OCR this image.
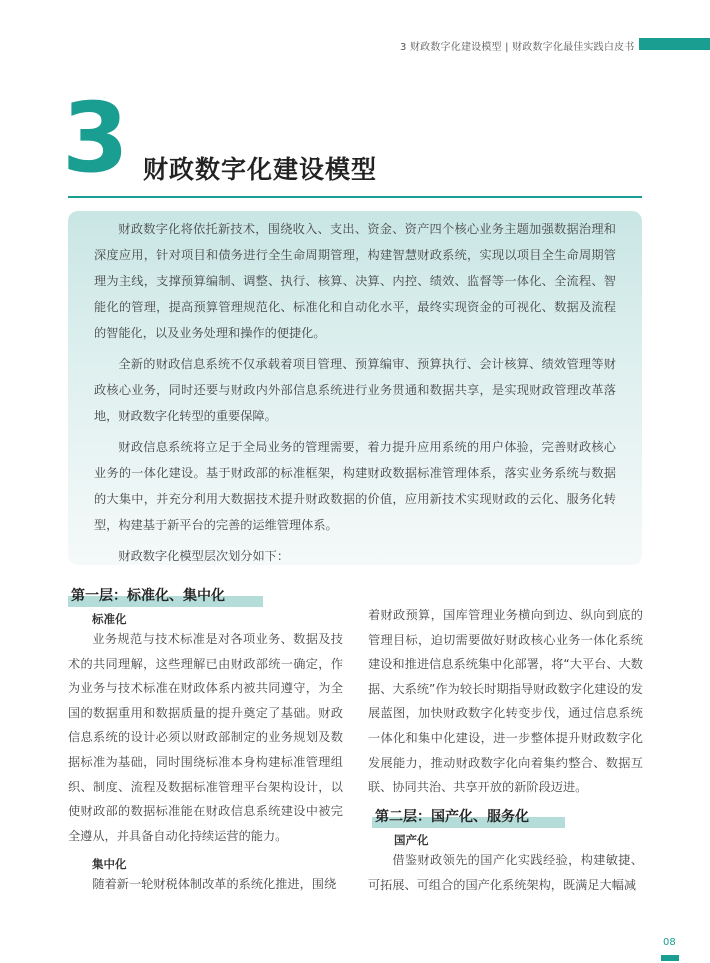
3 财政数字化建设模型 | 财政数字化最佳实践白皮书
3 财政数字化建设模型

财政数字化将依托新技术，围绕收入、支出、资金、资产四个核心业务主题加强数据治理和深度应用，针对项目和债务进行全生命周期管理，构建智慧财政系统，实现以项目全生命周期管理为主线，支撑预算编制、调整、执行、核算、决算、内控、绩效、监督等一体化、全流程、智能化的管理，提高预算管理规范化、标准化和自动化水平，最终实现资金的可视化、数据及流程的智能化，以及业务处理和操作的便捷化。

全新的财政信息系统不仅承载着项目管理、预算编审、预算执行、会计核算、绩效管理等财政核心业务，同时还要与财政内外部信息系统进行业务贯通和数据共享，是实现财政管理改革落地，财政数字化转型的重要保障。

财政信息系统将立足于全局业务的管理需要，着力提升应用系统的用户体验，完善财政核心业务的一体化建设。基于财政部的标准框架，构建财政数据标准管理体系，落实业务系统与数据的大集中，并充分利用大数据技术提升财政数据的价值，应用新技术实现财政的云化、服务化转型，构建基于新平台的完善的运维管理体系。

财政数字化模型层次划分如下：

第一层：标准化、集中化
标准化

业务规范与技术标准是对各项业务、数据及技术的共同理解，这些理解已由财政部统一确定，作为业务与技术标准在财政体系内被共同遵守，为全国的数据重用和数据质量的提升奠定了基础。财政信息系统的设计必须以财政部制定的业务规划及数据标准为基础，同时围绕标准本身构建标准管理组织、制度、流程及数据标准管理平台架构设计，以使财政部的数据标准能在财政信息系统建设中被完全遵从，并具备自动化持续运营的能力。

集中化

随着新一轮财税体制改革的系统化推进，围绕

着财政预算，国库管理业务横向到边、纵向到底的管理目标，迫切需要做好财政核心业务一体化系统建设和推进信息系统集中化部署，将“大平台、大数据、大系统”作为较长时期指导财政数字化建设的发展蓝图，加快财政数字化转变步伐，通过信息系统一体化和集中化建设，进一步整体提升财政数字化发展能力，推动财政数字化向着集约整合、数据互联、协同共治、共享开放的新阶段迈进。

第二层：国产化、服务化
国产化

借鉴财政领先的国产化实践经验，构建敏捷、可拓展、可组合的国产化系统架构，既满足大幅减

08
